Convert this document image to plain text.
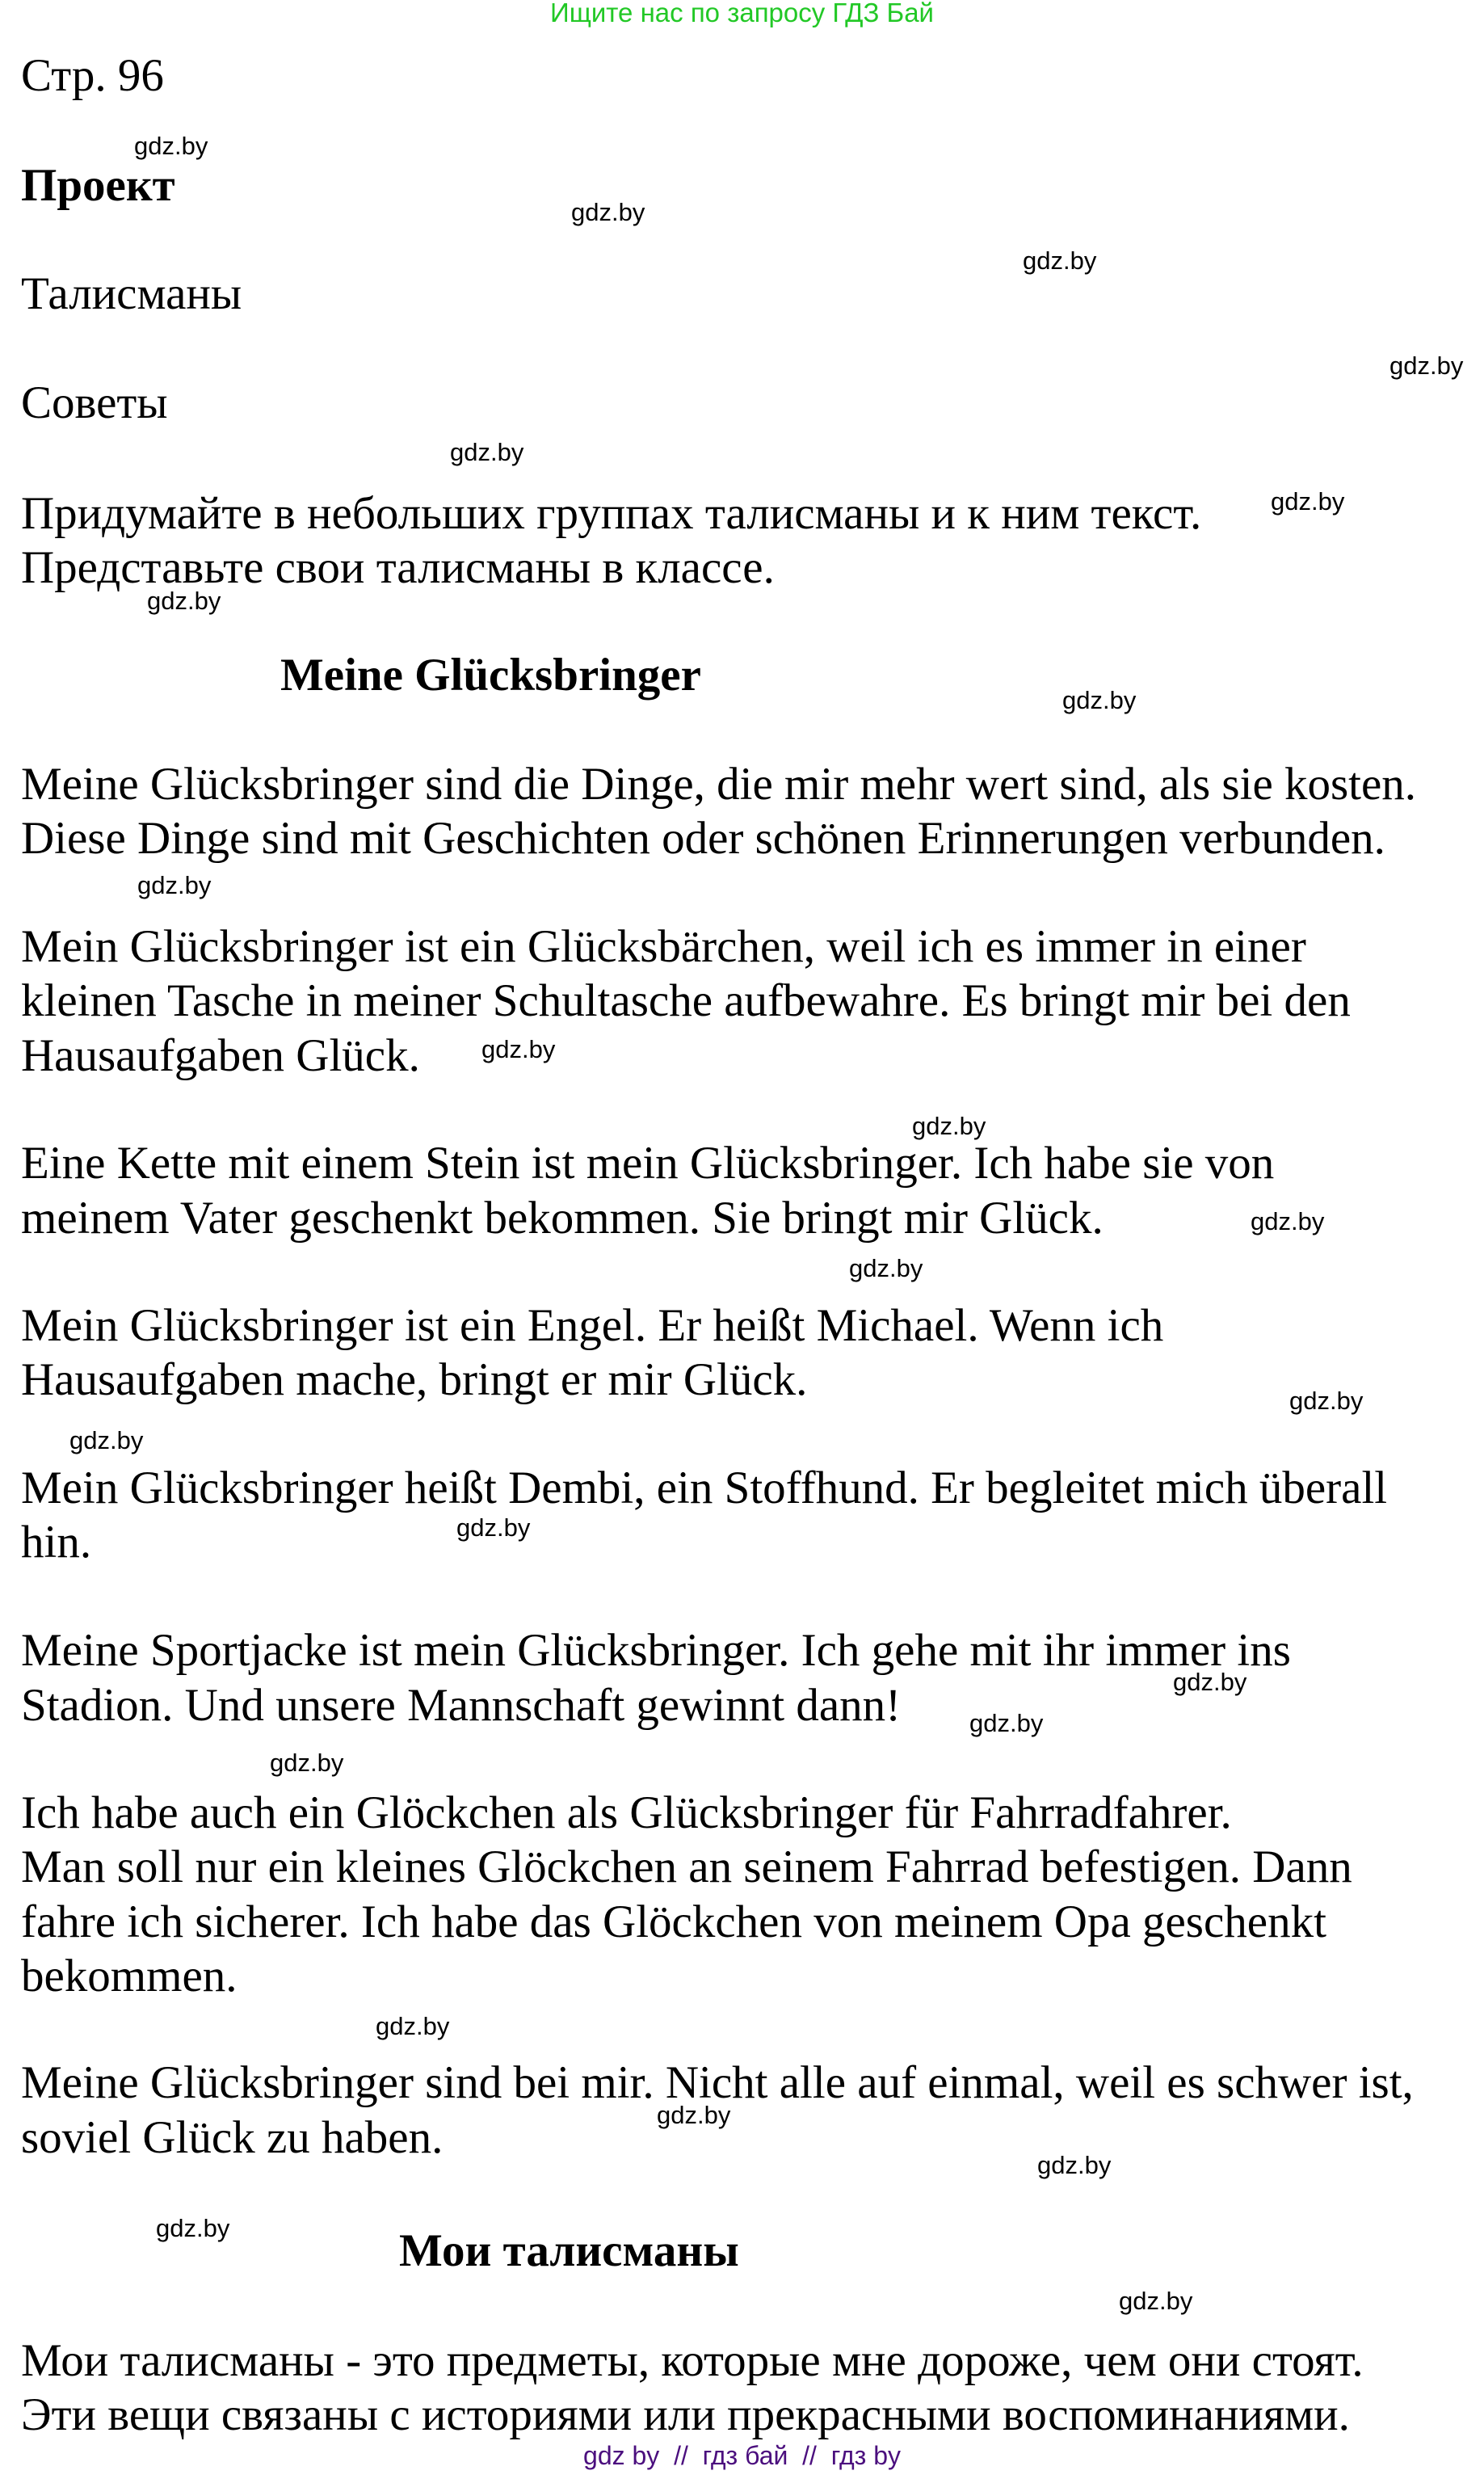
Ищите нас по запросу ГДЗ Бай
Стр. 96
Проект
Талисманы
Советы
Придумайте в небольших группах талисманы и к ним текст.
Представьте свои талисманы в классе.
Meine Glücksbringer
Meine Glücksbringer sind die Dinge, die mir mehr wert sind, als sie kosten.
Diese Dinge sind mit Geschichten oder schönen Erinnerungen verbunden.
Mein Glücksbringer ist ein Glücksbärchen, weil ich es immer in einer
kleinen Tasche in meiner Schultasche aufbewahre. Es bringt mir bei den
Hausaufgaben Glück.
Eine Kette mit einem Stein ist mein Glücksbringer. Ich habe sie von
meinem Vater geschenkt bekommen. Sie bringt mir Glück.
Mein Glücksbringer ist ein Engel. Er heißt Michael. Wenn ich
Hausaufgaben mache, bringt er mir Glück.
Mein Glücksbringer heißt Dembi, ein Stoffhund. Er begleitet mich überall
hin.
Meine Sportjacke ist mein Glücksbringer. Ich gehe mit ihr immer ins
Stadion. Und unsere Mannschaft gewinnt dann!
Ich habe auch ein Glöckchen als Glücksbringer für Fahrradfahrer.
Man soll nur ein kleines Glöckchen an seinem Fahrrad befestigen. Dann
fahre ich sicherer. Ich habe das Glöckchen von meinem Opa geschenkt
bekommen.
Meine Glücksbringer sind bei mir. Nicht alle auf einmal, weil es schwer ist,
soviel Glück zu haben.
Мои талисманы
Мои талисманы - это предметы, которые мне дороже, чем они стоят.
Эти вещи связаны с историями или прекрасными воспоминаниями.
gdz.by
gdz.by
gdz.by
gdz.by
gdz.by
gdz.by
gdz.by
gdz.by
gdz.by
gdz.by
gdz.by
gdz.by
gdz.by
gdz.by
gdz.by
gdz.by
gdz.by
gdz.by
gdz.by
gdz.by
gdz.by
gdz.by
gdz.by
gdz.by
gdz by  //  гдз бай  //  гдз by
